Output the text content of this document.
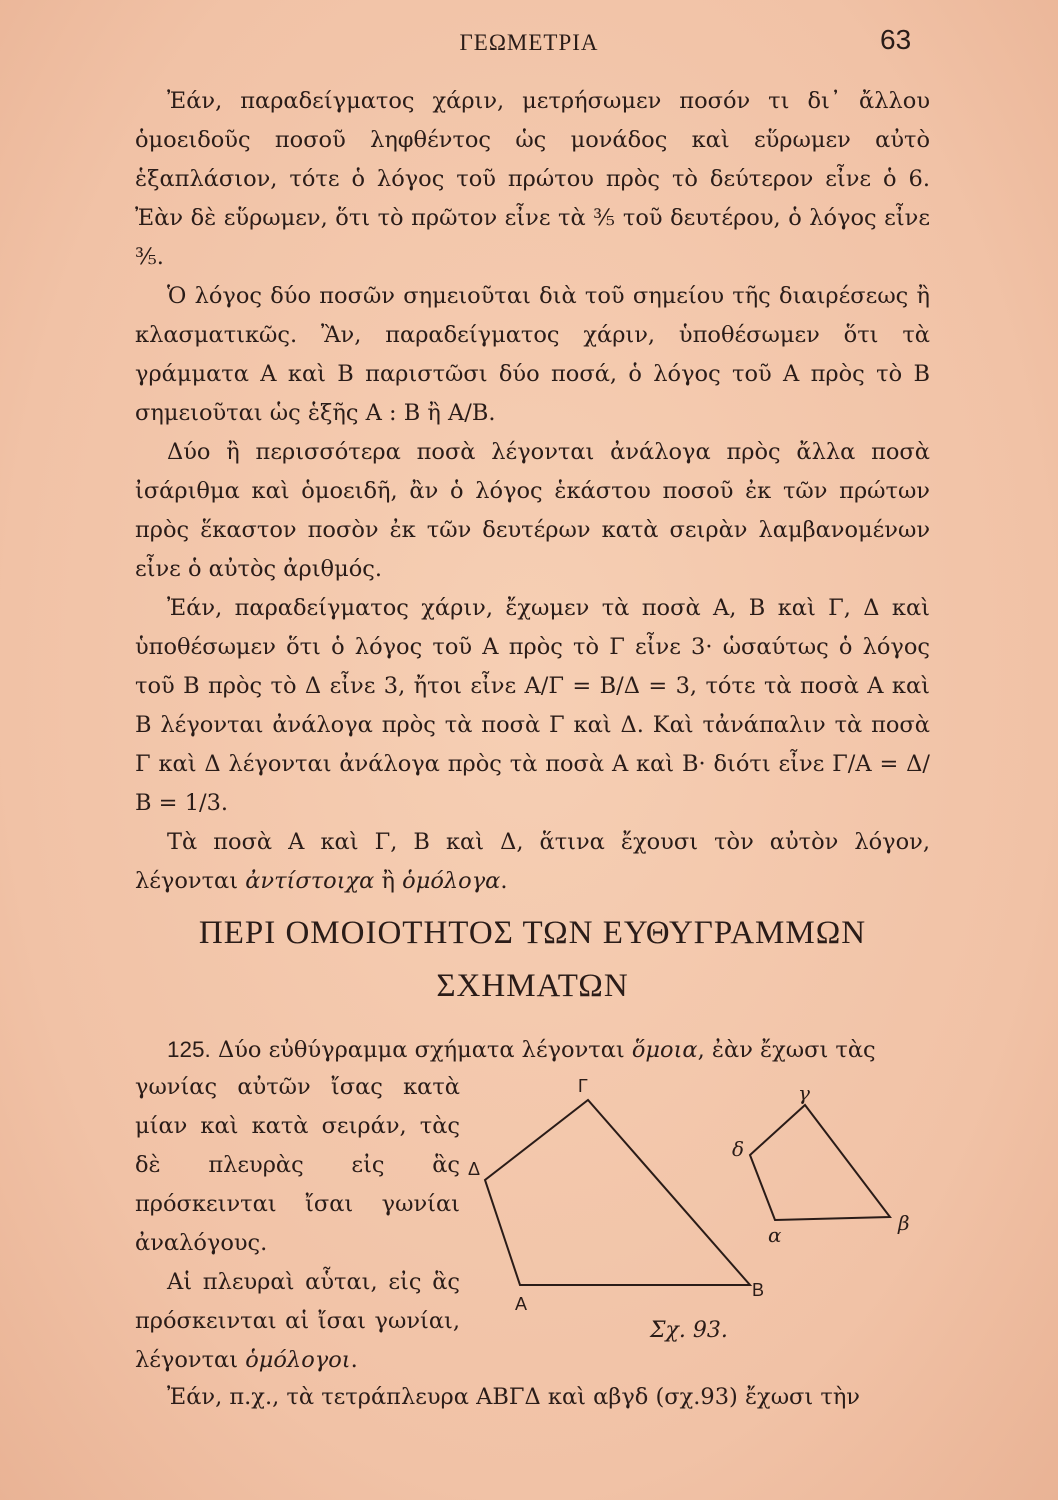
ΓΕΩΜΕΤΡΙΑ	63

Ἐάν, παραδείγματος χάριν, μετρήσωμεν ποσόν τι δι᾽ ἄλλου ὁμοειδοῦς ποσοῦ ληφθέντος ὡς μονάδος καὶ εὕρωμεν αὐτὸ ἑξαπλάσιον, τότε ὁ λόγος τοῦ πρώτου πρὸς τὸ δεύτερον εἶνε ὁ 6. Ἐὰν δὲ εὕρωμεν, ὅτι τὸ πρῶτον εἶνε τὰ ⅗ τοῦ δευτέρου, ὁ λόγος εἶνε ⅗.

Ὁ λόγος δύο ποσῶν σημειοῦται διὰ τοῦ σημείου τῆς διαιρέσεως ἢ κλασματικῶς. Ἂν, παραδείγματος χάριν, ὑποθέσωμεν ὅτι τὰ γράμματα Α καὶ Β παριστῶσι δύο ποσά, ὁ λόγος τοῦ Α πρὸς τὸ Β σημειοῦται ὡς ἑξῆς Α : Β ἢ Α/Β.

Δύο ἢ περισσότερα ποσὰ λέγονται ἀνάλογα πρὸς ἄλλα ποσὰ ἰσάριθμα καὶ ὁμοειδῆ, ἂν ὁ λόγος ἑκάστου ποσοῦ ἐκ τῶν πρώτων πρὸς ἕκαστον ποσὸν ἐκ τῶν δευτέρων κατὰ σειρὰν λαμβανομένων εἶνε ὁ αὐτὸς ἀριθμός.

Ἐάν, παραδείγματος χάριν, ἔχωμεν τὰ ποσὰ Α, Β καὶ Γ, Δ καὶ ὑποθέσωμεν ὅτι ὁ λόγος τοῦ Α πρὸς τὸ Γ εἶνε 3· ὡσαύτως ὁ λόγος τοῦ Β πρὸς τὸ Δ εἶνε 3, ἤτοι εἶνε Α/Γ = Β/Δ = 3, τότε τὰ ποσὰ Α καὶ Β λέγονται ἀνάλογα πρὸς τὰ ποσὰ Γ καὶ Δ. Καὶ τἀνάπαλιν τὰ ποσὰ Γ καὶ Δ λέγονται ἀνάλογα πρὸς τὰ ποσὰ Α καὶ Β· διότι εἶνε Γ/Α = Δ/Β = 1/3.

Τὰ ποσὰ Α καὶ Γ, Β καὶ Δ, ἅτινα ἔχουσι τὸν αὐτὸν λόγον, λέγονται ἀντίστοιχα ἢ ὁμόλογα.

ΠΕΡΙ ΟΜΟΙΟΤΗΤΟΣ ΤΩΝ ΕΥΘΥΓΡΑΜΜΩΝ
ΣΧΗΜΑΤΩΝ
125. Δύο εὐθύγραμμα σχήματα λέγονται ὅμοια, ἐὰν ἔχωσι τὰς

γωνίας αὐτῶν ἴσας κατὰ μίαν καὶ κατὰ σειράν, τὰς δὲ πλευρὰς εἰς ἃς πρόσκεινται ἴσαι γωνίαι ἀναλόγους.

Αἱ πλευραὶ αὗται, εἰς ἃς πρόσκεινται αἱ ἴσαι γωνίαι, λέγονται ὁμόλογοι.

Α
Β
Γ
Δ
α	β
γ
δ
Σχ. 93.
Ἐάν, π.χ., τὰ τετράπλευρα ΑΒΓΔ καὶ αβγδ (σχ.93) ἔχωσι τὴν
